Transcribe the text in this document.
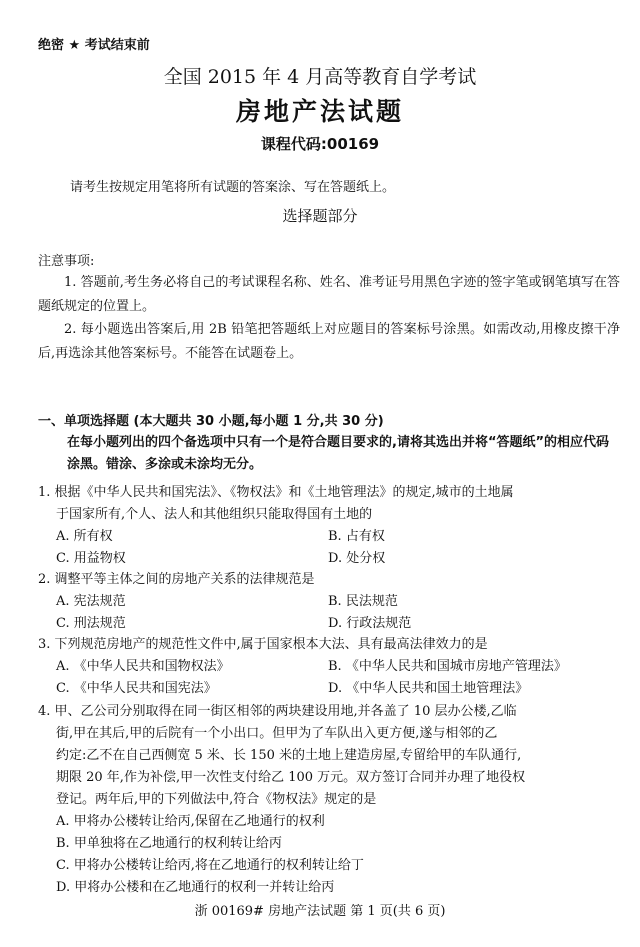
绝密 ★ 考试结束前
全国 2015 年 4 月高等教育自学考试
房地产法试题
课程代码:00169
请考生按规定用笔将所有试题的答案涂、写在答题纸上。
选择题部分
注意事项:
1. 答题前,考生务必将自己的考试课程名称、姓名、准考证号用黑色字迹的签字笔或钢笔填写在答题纸规定的位置上。
2. 每小题选出答案后,用 2B 铅笔把答题纸上对应题目的答案标号涂黑。如需改动,用橡皮擦干净后,再选涂其他答案标号。不能答在试题卷上。
一、单项选择题 (本大题共 30 小题,每小题 1 分,共 30 分)
在每小题列出的四个备选项中只有一个是符合题目要求的,请将其选出并将“答题纸”的相应代码涂黑。错涂、多涂或未涂均无分。
1. 根据《中华人民共和国宪法》、《物权法》和《土地管理法》的规定,城市的土地属
于国家所有,个人、法人和其他组织只能取得国有土地的
A. 所有权	B. 占有权
C. 用益物权	D. 处分权
2. 调整平等主体之间的房地产关系的法律规范是
A. 宪法规范	B. 民法规范
C. 刑法规范	D. 行政法规范
3. 下列规范房地产的规范性文件中,属于国家根本大法、具有最高法律效力的是
A. 《中华人民共和国物权法》	B. 《中华人民共和国城市房地产管理法》
C. 《中华人民共和国宪法》	D. 《中华人民共和国土地管理法》
4. 甲、乙公司分别取得在同一街区相邻的两块建设用地,并各盖了 10 层办公楼,乙临
街,甲在其后,甲的后院有一个小出口。但甲为了车队出入更方便,遂与相邻的乙
约定:乙不在自己西侧宽 5 米、长 150 米的土地上建造房屋,专留给甲的车队通行,
期限 20 年,作为补偿,甲一次性支付给乙 100 万元。双方签订合同并办理了地役权
登记。两年后,甲的下列做法中,符合《物权法》规定的是
A. 甲将办公楼转让给丙,保留在乙地通行的权利
B. 甲单独将在乙地通行的权利转让给丙
C. 甲将办公楼转让给丙,将在乙地通行的权利转让给丁
D. 甲将办公楼和在乙地通行的权利一并转让给丙
浙 00169# 房地产法试题 第 1 页(共 6 页)
